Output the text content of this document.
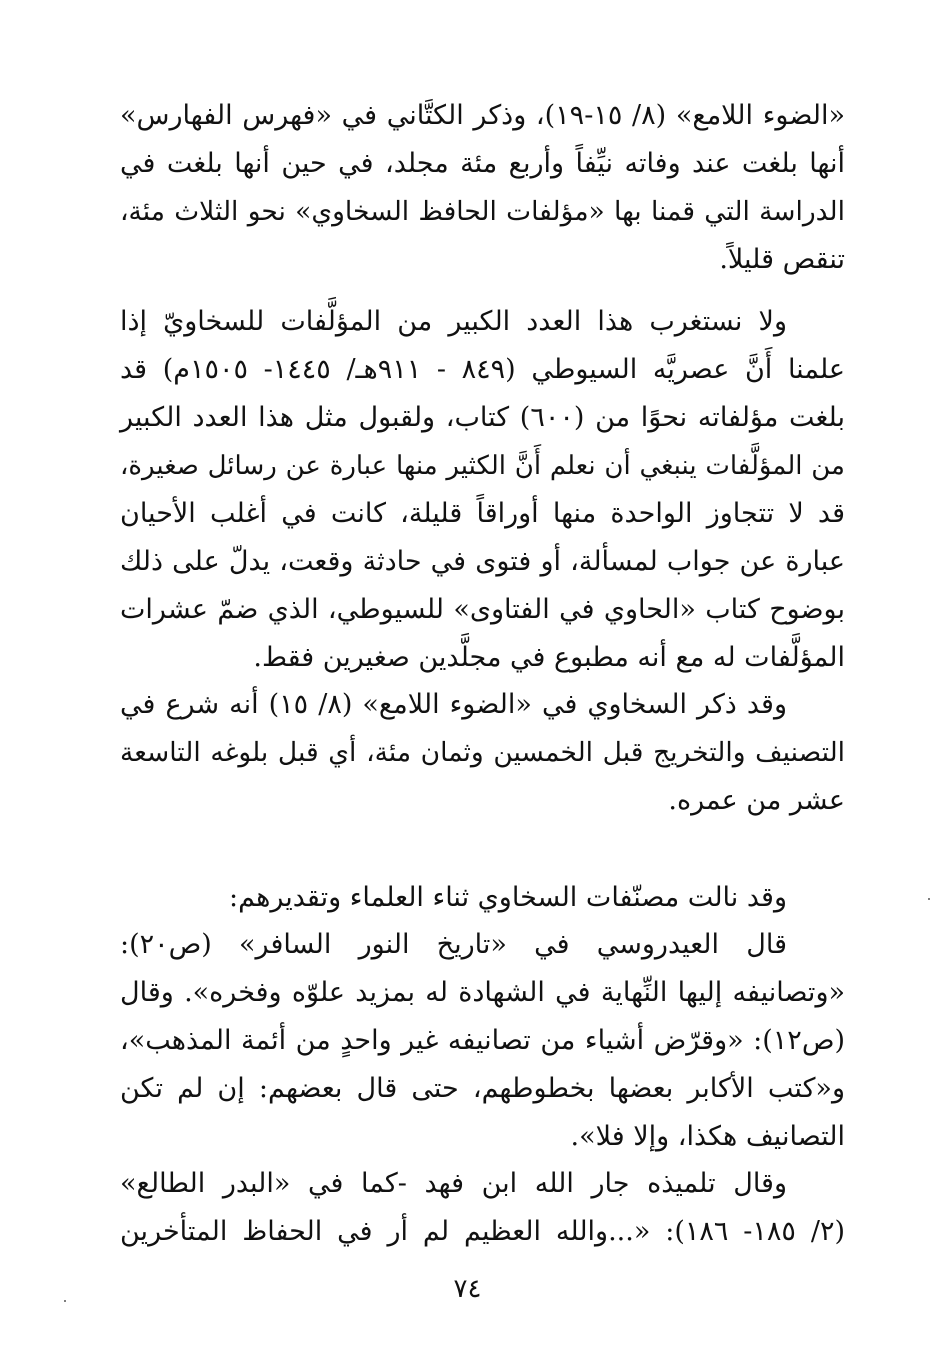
«الضوء اللامع» (٨/ ١٥-١٩)، وذكر الكتَّاني في «فهرس الفهارس»
أنها بلغت عند وفاته نيِّفاً وأربع مئة مجلد، في حين أنها بلغت في
الدراسة التي قمنا بها «مؤلفات الحافظ السخاوي» نحو الثلاث مئة،
تنقص قليلاً.
ولا نستغرب هذا العدد الكبير من المؤلَّفات للسخاويّ إذا
علمنا أَنَّ عصريَّه السيوطي (٨٤٩ - ٩١١هـ/ ١٤٤٥- ١٥٠٥م) قد
بلغت مؤلفاته نحوًا من (٦٠٠) كتاب، ولقبول مثل هذا العدد الكبير
من المؤلَّفات ينبغي أن نعلم أَنَّ الكثير منها عبارة عن رسائل صغيرة،
قد لا تتجاوز الواحدة منها أوراقاً قليلة، كانت في أغلب الأحيان
عبارة عن جواب لمسألة، أو فتوى في حادثة وقعت، يدلّ على ذلك
بوضوح كتاب «الحاوي في الفتاوى» للسيوطي، الذي ضمّ عشرات
المؤلَّفات له مع أنه مطبوع في مجلَّدين صغيرين فقط.
وقد ذكر السخاوي في «الضوء اللامع» (٨/ ١٥) أنه شرع في
التصنيف والتخريج قبل الخمسين وثمان مئة، أي قبل بلوغه التاسعة
عشر من عمره.
وقد نالت مصنّفات السخاوي ثناء العلماء وتقديرهم:
قال العيدروسي في «تاريخ النور السافر» (ص٢٠):
«وتصانيفه إليها النِّهاية في الشهادة له بمزيد علوّه وفخره». وقال
(ص١٢): «وقرّض أشياء من تصانيفه غير واحدٍ من أئمة المذهب»،
و«كتب الأكابر بعضها بخطوطهم، حتى قال بعضهم: إن لم تكن
التصانيف هكذا، وإلا فلا».
وقال تلميذه جار الله ابن فهد -كما في «البدر الطالع»
(٢/ ١٨٥- ١٨٦): «...والله العظيم لم أر في الحفاظ المتأخرين
٧٤
